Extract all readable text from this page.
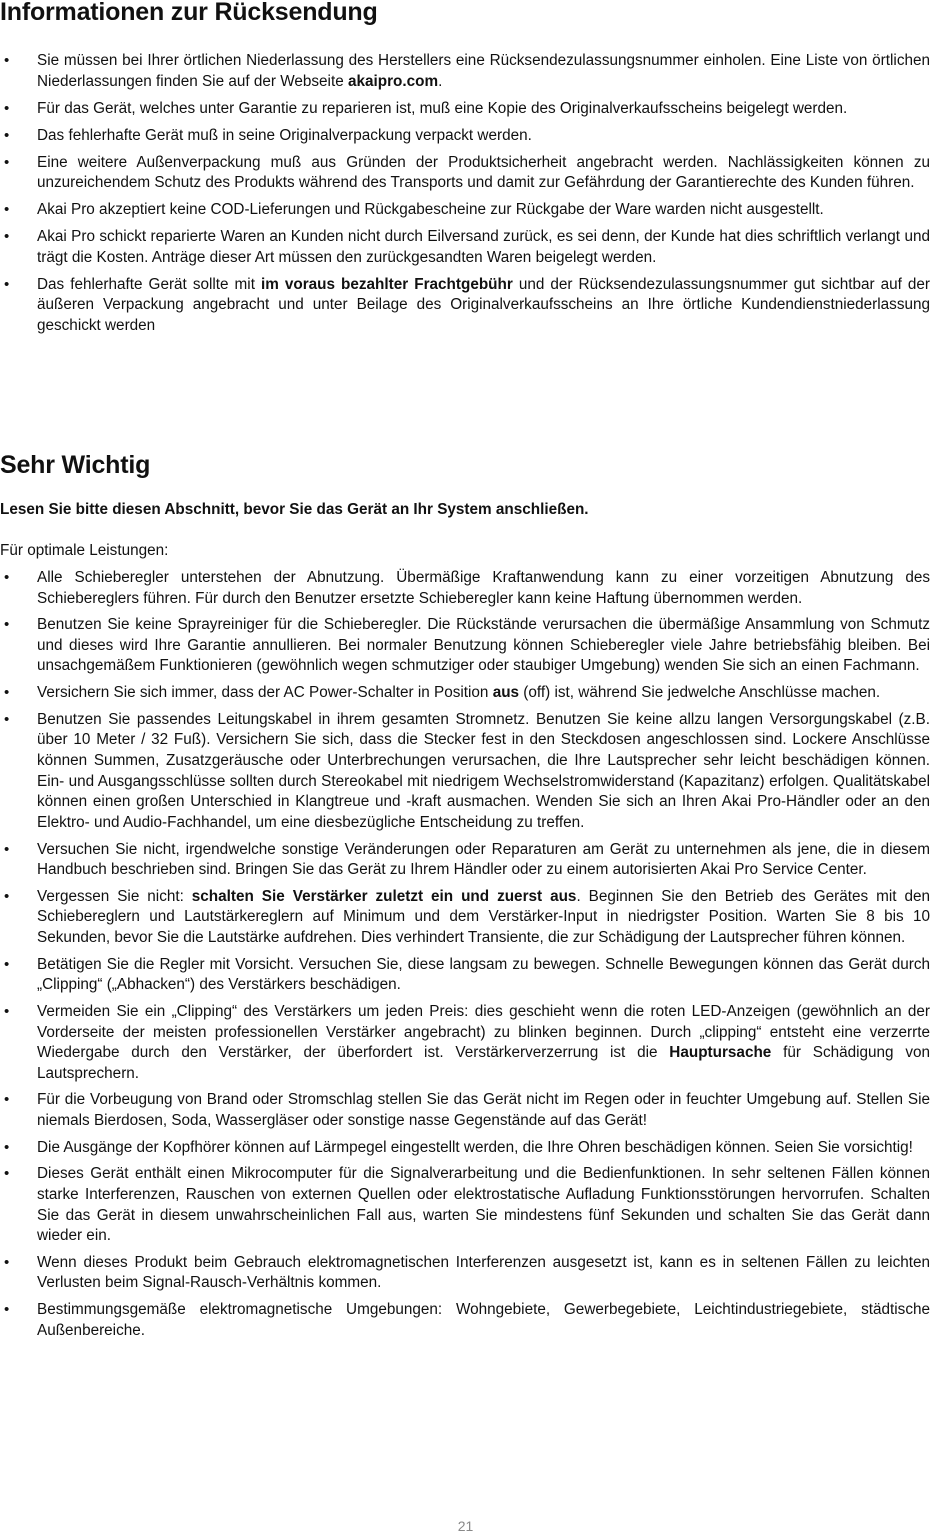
Informationen zur Rücksendung
• Sie müssen bei Ihrer örtlichen Niederlassung des Herstellers eine Rücksendezulassungsnummer einholen. Eine Liste von örtlichen Niederlassungen finden Sie auf der Webseite akaipro.com.
• Für das Gerät, welches unter Garantie zu reparieren ist, muß eine Kopie des Originalverkaufsscheins beigelegt werden.
• Das fehlerhafte Gerät muß in seine Originalverpackung verpackt werden.
• Eine weitere Außenverpackung muß aus Gründen der Produktsicherheit angebracht werden. Nachlässigkeiten können zu unzureichendem Schutz des Produkts während des Transports und damit zur Gefährdung der Garantierechte des Kunden führen.
• Akai Pro akzeptiert keine COD-Lieferungen und Rückgabescheine zur Rückgabe der Ware warden nicht ausgestellt.
• Akai Pro schickt reparierte Waren an Kunden nicht durch Eilversand zurück, es sei denn, der Kunde hat dies schriftlich verlangt und trägt die Kosten. Anträge dieser Art müssen den zurückgesandten Waren beigelegt werden.
• Das fehlerhafte Gerät sollte mit im voraus bezahlter Frachtgebühr und der Rücksendezulassungsnummer gut sichtbar auf der äußeren Verpackung angebracht und unter Beilage des Originalverkaufsscheins an Ihre örtliche Kundendienstniederlassung geschickt werden
Sehr Wichtig

Lesen Sie bitte diesen Abschnitt, bevor Sie das Gerät an Ihr System anschließen.

Für optimale Leistungen:

• Alle Schieberegler unterstehen der Abnutzung. Übermäßige Kraftanwendung kann zu einer vorzeitigen Abnutzung des Schiebereglers führen. Für durch den Benutzer ersetzte Schieberegler kann keine Haftung übernommen werden.
• Benutzen Sie keine Sprayreiniger für die Schieberegler. Die Rückstände verursachen die übermäßige Ansammlung von Schmutz und dieses wird Ihre Garantie annullieren. Bei normaler Benutzung können Schieberegler viele Jahre betriebsfähig bleiben. Bei unsachgemäßem Funktionieren (gewöhnlich wegen schmutziger oder staubiger Umgebung) wenden Sie sich an einen Fachmann.
• Versichern Sie sich immer, dass der AC Power-Schalter in Position aus (off) ist, während Sie jedwelche Anschlüsse machen.
• Benutzen Sie passendes Leitungskabel in ihrem gesamten Stromnetz. Benutzen Sie keine allzu langen Versorgungskabel (z.B. über 10 Meter / 32 Fuß). Versichern Sie sich, dass die Stecker fest in den Steckdosen angeschlossen sind. Lockere Anschlüsse können Summen, Zusatzgeräusche oder Unterbrechungen verursachen, die Ihre Lautsprecher sehr leicht beschädigen können. Ein- und Ausgangsschlüsse sollten durch Stereokabel mit niedrigem Wechselstromwiderstand (Kapazitanz) erfolgen. Qualitätskabel können einen großen Unterschied in Klangtreue und -kraft ausmachen. Wenden Sie sich an Ihren Akai Pro-Händler oder an den Elektro- und Audio-Fachhandel, um eine diesbezügliche Entscheidung zu treffen.
• Versuchen Sie nicht, irgendwelche sonstige Veränderungen oder Reparaturen am Gerät zu unternehmen als jene, die in diesem Handbuch beschrieben sind. Bringen Sie das Gerät zu Ihrem Händler oder zu einem autorisierten Akai Pro Service Center.
• Vergessen Sie nicht: schalten Sie Verstärker zuletzt ein und zuerst aus. Beginnen Sie den Betrieb des Gerätes mit den Schiebereglern und Lautstärkereglern auf Minimum und dem Verstärker-Input in niedrigster Position. Warten Sie 8 bis 10 Sekunden, bevor Sie die Lautstärke aufdrehen. Dies verhindert Transiente, die zur Schädigung der Lautsprecher führen können.
• Betätigen Sie die Regler mit Vorsicht. Versuchen Sie, diese langsam zu bewegen. Schnelle Bewegungen können das Gerät durch „Clipping“ („Abhacken“) des Verstärkers beschädigen.
• Vermeiden Sie ein „Clipping“ des Verstärkers um jeden Preis: dies geschieht wenn die roten LED-Anzeigen (gewöhnlich an der Vorderseite der meisten professionellen Verstärker angebracht) zu blinken beginnen. Durch „clipping“ entsteht eine verzerrte Wiedergabe durch den Verstärker, der überfordert ist. Verstärkerverzerrung ist die Hauptursache für Schädigung von Lautsprechern.
• Für die Vorbeugung von Brand oder Stromschlag stellen Sie das Gerät nicht im Regen oder in feuchter Umgebung auf. Stellen Sie niemals Bierdosen, Soda, Wassergläser oder sonstige nasse Gegenstände auf das Gerät!
• Die Ausgänge der Kopfhörer können auf Lärmpegel eingestellt werden, die Ihre Ohren beschädigen können. Seien Sie vorsichtig!
• Dieses Gerät enthält einen Mikrocomputer für die Signalverarbeitung und die Bedienfunktionen. In sehr seltenen Fällen können starke Interferenzen, Rauschen von externen Quellen oder elektrostatische Aufladung Funktionsstörungen hervorrufen. Schalten Sie das Gerät in diesem unwahrscheinlichen Fall aus, warten Sie mindestens fünf Sekunden und schalten Sie das Gerät dann wieder ein.
• Wenn dieses Produkt beim Gebrauch elektromagnetischen Interferenzen ausgesetzt ist, kann es in seltenen Fällen zu leichten Verlusten beim Signal-Rausch-Verhältnis kommen.
• Bestimmungsgemäße elektromagnetische Umgebungen: Wohngebiete, Gewerbegebiete, Leichtindustriegebiete, städtische Außenbereiche.
21
